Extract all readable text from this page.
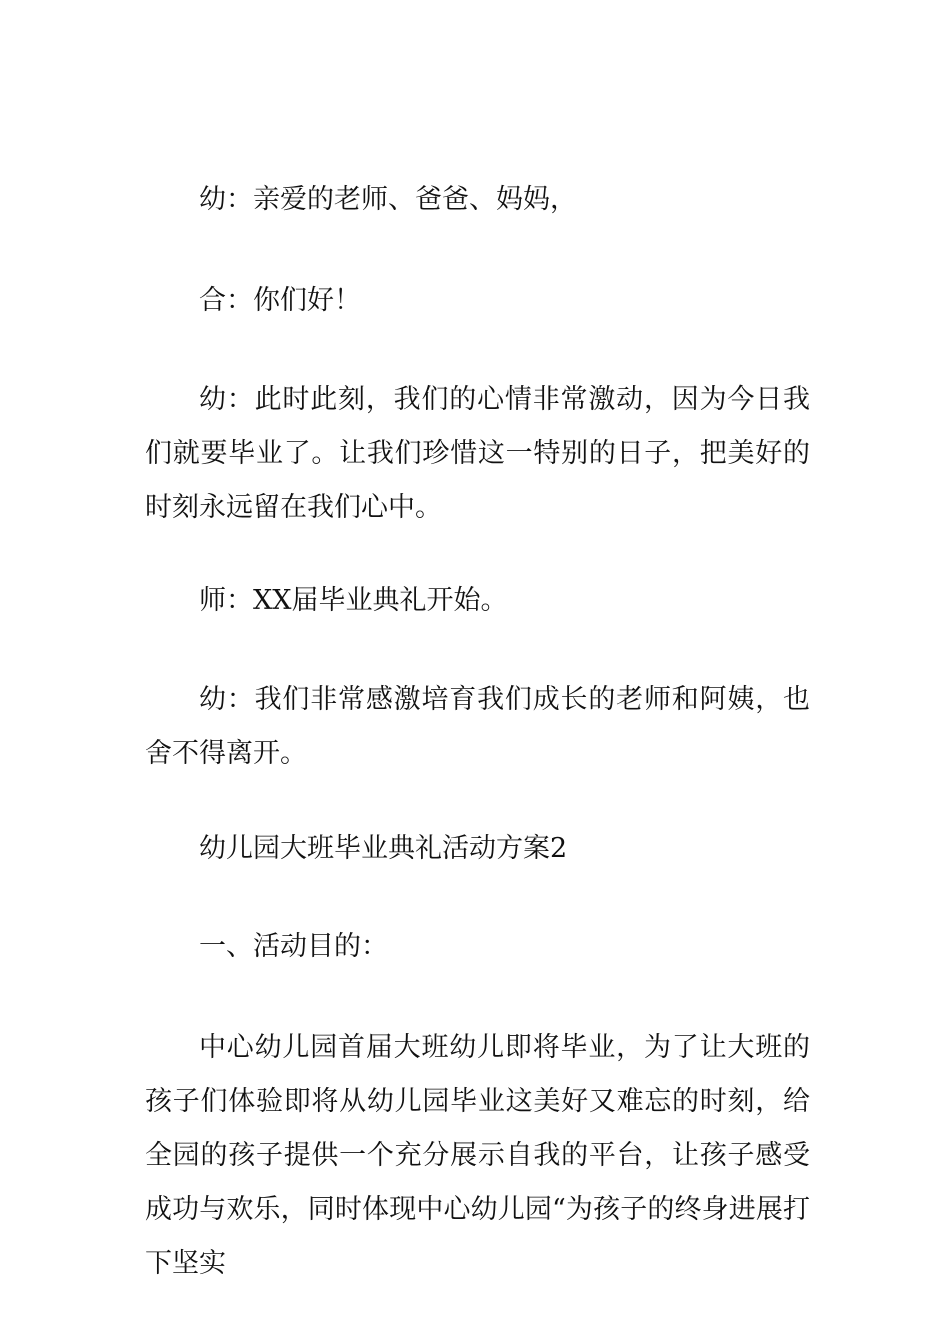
幼：亲爱的老师、爸爸、妈妈，

合：你们好！

幼：此时此刻，我们的心情非常激动，因为今日我们就要毕业了。让我们珍惜这一特别的日子，把美好的时刻永远留在我们心中。

师：XX届毕业典礼开始。

幼：我们非常感激培育我们成长的老师和阿姨，也舍不得离开。

幼儿园大班毕业典礼活动方案2

一、活动目的：

中心幼儿园首届大班幼儿即将毕业，为了让大班的孩子们体验即将从幼儿园毕业这美好又难忘的时刻，给全园的孩子提供一个充分展示自我的平台，让孩子感受成功与欢乐，同时体现中心幼儿园“为孩子的终身进展打下坚实
